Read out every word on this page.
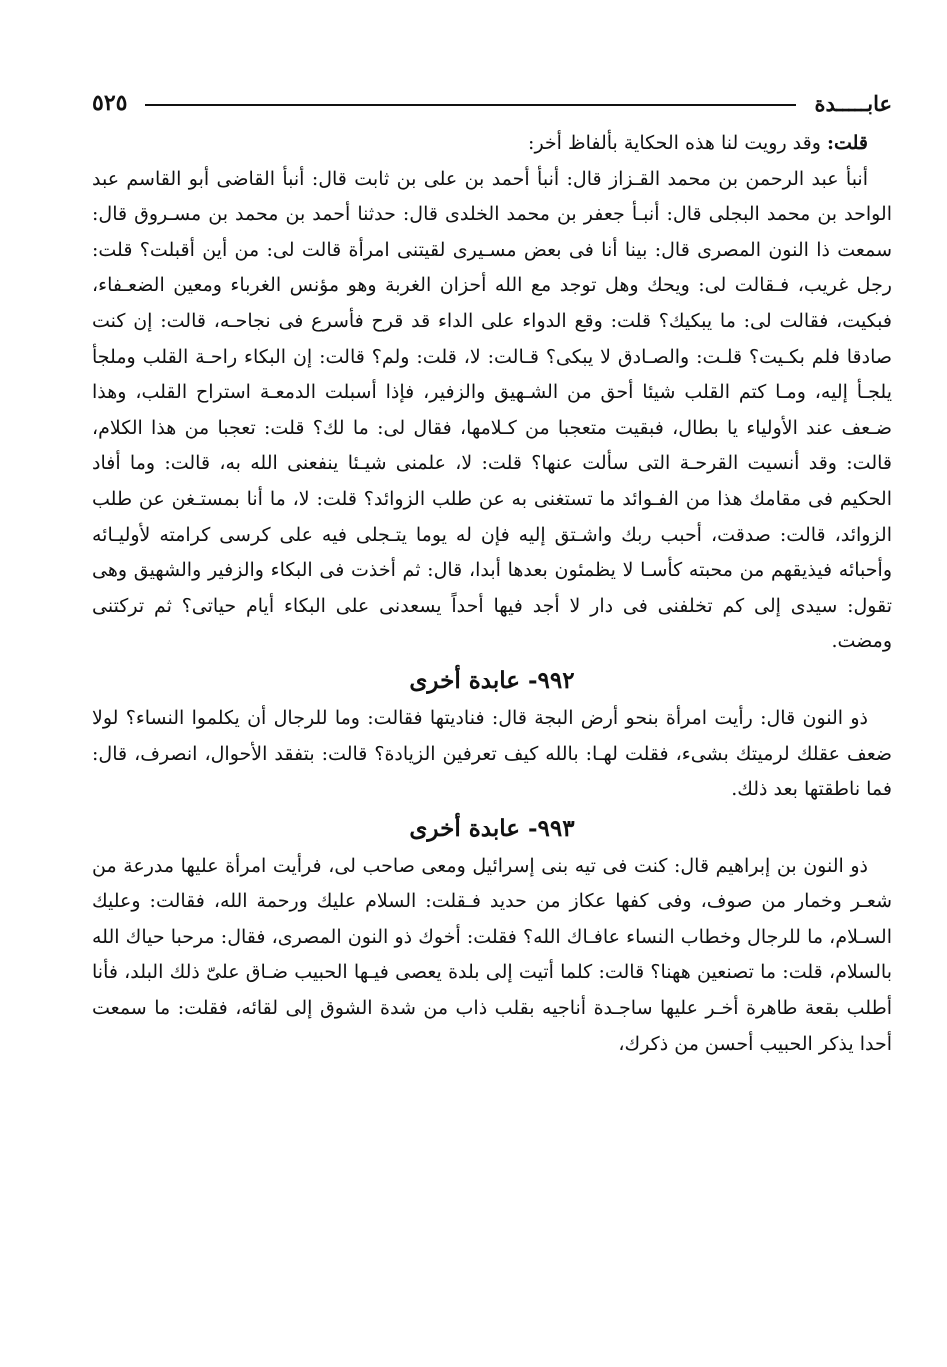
عابـــــدة
٥٢٥

قلت: وقد رويت لنا هذه الحكاية بألفاظ أخر:

أنبأ عبد الرحمن بن محمد القـزاز قال: أنبأ أحمد بن على بن ثابت قال: أنبأ القاضى أبو القاسم عبد الواحد بن محمد البجلى قال: أنبـأ جعفر بن محمد الخلدى قال: حدثنا أحمد بن محمد بن مسـروق قال: سمعت ذا النون المصرى قال: بينا أنا فى بعض مسـيرى لقيتنى امرأة قالت لى: من أين أقبلت؟ قلت: رجل غريب، فـقالت لى: ويحك وهل توجد مع الله أحزان الغربة وهو مؤنس الغرباء ومعين الضعـفاء، فبكيت، فقالت لى: ما يبكيك؟ قلت: وقع الدواء على الداء قد قرح فأسرع فى نجاحـه، قالت: إن كنت صادقا فلم بكـيت؟ قلـت: والصـادق لا يبكى؟ قـالت: لا، قلت: ولم؟ قالت: إن البكاء راحـة القلب وملجأ يلجـأ إليه، ومـا كتم القلب شيئا أحق من الشـهيق والزفير، فإذا أسبلت الدمعـة استراح القلب، وهذا ضـعف عند الأولياء يا بطال، فبقيت متعجبا من كـلامها، فقال لى: ما لك؟ قلت: تعجبا من هذا الكلام، قالت: وقد أنسيت القرحـة التى سألت عنها؟ قلت: لا، علمنى شيـئا ينفعنى الله به، قالت: وما أفاد الحكيم فى مقامك هذا من الفـوائد ما تستغنى به عن طلب الزوائد؟ قلت: لا، ما أنا بمستـغن عن طلب الزوائد، قالت: صدقت، أحبب ربك واشـتق إليه فإن له يوما يتـجلى فيه على كرسى كرامته لأوليـائه وأحبائه فيذيقهم من محبته كأسـا لا يظمئون بعدها أبدا، قال: ثم أخذت فى البكاء والزفير والشهيق وهى تقول: سيدى إلى كم تخلفنى فى دار لا أجد فيها أحداً يسعدنى على البكاء أيام حياتى؟ ثم تركتنى ومضت.

٩٩٢- عابدة أخرى

ذو النون قال: رأيت امرأة بنحو أرض البجة قال: فناديتها فقالت: وما للرجال أن يكلموا النساء؟ لولا ضعف عقلك لرميتك بشىء، فقلت لهـا: بالله كيف تعرفين الزيادة؟ قالت: بتفقد الأحوال، انصرف، قال: فما ناطقتها بعد ذلك.

٩٩٣- عابدة أخرى

ذو النون بن إبراهيم قال: كنت فى تيه بنى إسرائيل ومعى صاحب لى، فرأيت امرأة عليها مدرعة من شعـر وخمار من صوف، وفى كفها عكاز من حديد فـقلت: السلام عليك ورحمة الله، فقالت: وعليك السـلام، ما للرجال وخطاب النساء عافـاك الله؟ فقلت: أخوك ذو النون المصرى، فقال: مرحبا حياك الله بالسلام، قلت: ما تصنعين ههنا؟ قالت: كلما أتيت إلى بلدة يعصى فيـها الحبيب ضـاق علىّ ذلك البلد، فأنا أطلب بقعة طاهرة أخـر عليها ساجـدة أناجيه بقلب ذاب من شدة الشوق إلى لقائه، فقلت: ما سمعت أحدا يذكر الحبيب أحسن من ذكرك،
